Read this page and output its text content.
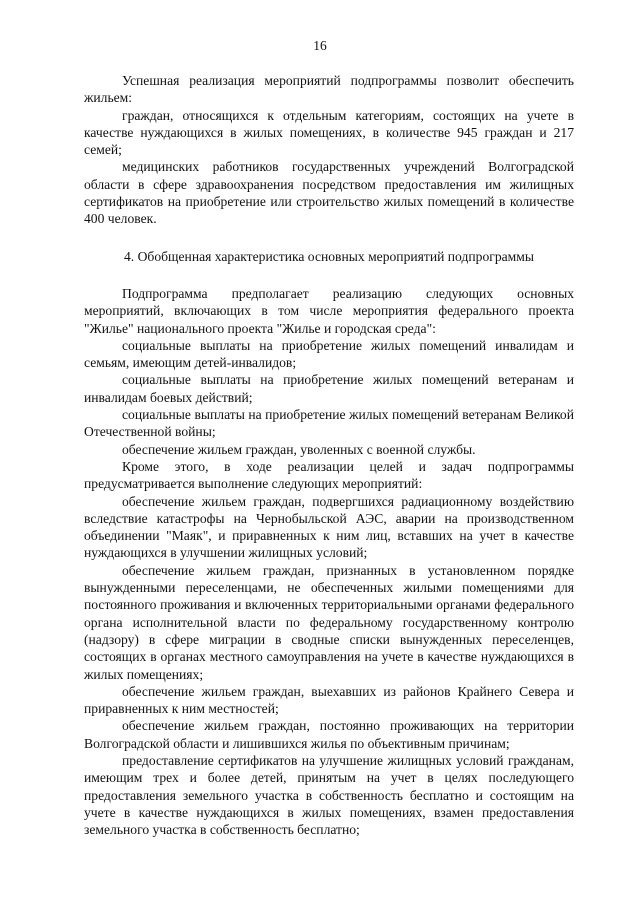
16

Успешная реализация мероприятий подпрограммы позволит обеспечить жильем:

граждан, относящихся к отдельным категориям, состоящих на учете в качестве нуждающихся в жилых помещениях, в количестве 945 граждан и 217 семей;

медицинских работников государственных учреждений Волгоградской области в сфере здравоохранения посредством предоставления им жилищных сертификатов на приобретение или строительство жилых помещений в количестве 400 человек.

4. Обобщенная характеристика основных мероприятий подпрограммы

Подпрограмма предполагает реализацию следующих основных мероприятий, включающих в том числе мероприятия федерального проекта "Жилье" национального проекта "Жилье и городская среда":

социальные выплаты на приобретение жилых помещений инвалидам и семьям, имеющим детей-инвалидов;

социальные выплаты на приобретение жилых помещений ветеранам и инвалидам боевых действий;

социальные выплаты на приобретение жилых помещений ветеранам Великой Отечественной войны;

обеспечение жильем граждан, уволенных с военной службы.

Кроме этого, в ходе реализации целей и задач подпрограммы предусматривается выполнение следующих мероприятий:

обеспечение жильем граждан, подвергшихся радиационному воздействию вследствие катастрофы на Чернобыльской АЭС, аварии на производственном объединении "Маяк", и приравненных к ним лиц, вставших на учет в качестве нуждающихся в улучшении жилищных условий;

обеспечение жильем граждан, признанных в установленном порядке вынужденными переселенцами, не обеспеченных жилыми помещениями для постоянного проживания и включенных территориальными органами федерального органа исполнительной власти по федеральному государственному контролю (надзору) в сфере миграции в сводные списки вынужденных переселенцев, состоящих в органах местного самоуправления на учете в качестве нуждающихся в жилых помещениях;

обеспечение жильем граждан, выехавших из районов Крайнего Севера и приравненных к ним местностей;

обеспечение жильем граждан, постоянно проживающих на территории Волгоградской области и лишившихся жилья по объективным причинам;

предоставление сертификатов на улучшение жилищных условий гражданам, имеющим трех и более детей, принятым на учет в целях последующего предоставления земельного участка в собственность бесплатно и состоящим на учете в качестве нуждающихся в жилых помещениях, взамен предоставления земельного участка в собственность бесплатно;
